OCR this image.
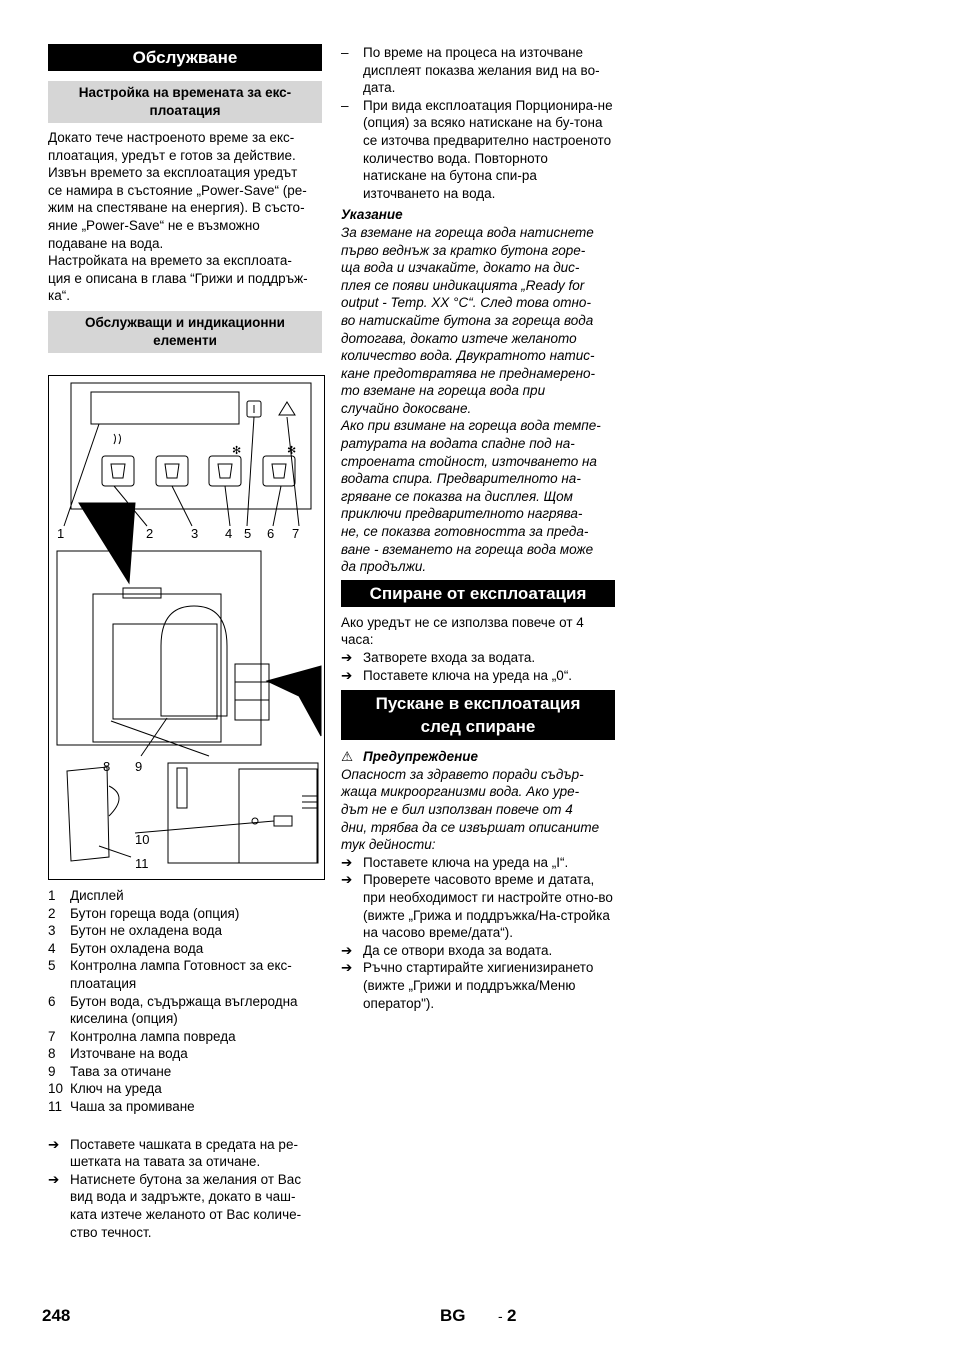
Обслужване
Настройка на времената за екс-плоатация

Докато тече настроеното време за екс-

плоатация, уредът е готов за действие.

Извън времето за експлоатация уредът

се намира в състояние „Power-Save“ (ре-

жим на спестяване на енергия). В състо-

яние „Power-Save“ не е възможно

подаване на вода.

Настройката на времето за експлоата-

ция е описана в глава “Грижи и поддръж-

ка“.

Обслужващи и индикационни елементи
✻	✻
1	2	3 4 5 6 7
8 9
10
11
1	Дисплей
2	Бутон гореща вода (опция)
3	Бутон не охладена вода
4	Бутон охладена вода
5	Контролна лампа Готовност за екс-плоатация
6	Бутон вода, съдържаща въглеродна киселина (опция)
7	Контролна лампа повреда
8	Източване на вода
9	Тава за отичане
10 Ключ на уреда
11 Чаша за промиване
➔ Поставете чашката в средата на ре-шетката на тавата за отичане.
➔ Натиснете бутона за желания от Вас вид вода и задръжте, докато в чаш-ката изтече желаното от Вас количе-ство течност.
–	По време на процеса на източване дисплеят показва желания вид на во-дата.
–	При вида експлоатация Порционира-не (опция) за всяко натискане на бу-тона се източва предварително настроеното количество вода. Повторното натискане на бутона спи-ра източването на вода.

Указание

За вземане на гореща вода натиснете

първо веднъж за кратко бутона горе-

ща вода и изчакайте, докато на дис-

плея се появи индикацията „Ready for

output - Temp. XX °C“. След това отно-

во натискайте бутона за гореща вода

дотогава, докато изтече желаното

количество вода. Двукратното натис-

кане предотвратява не преднамерено-

то вземане на гореща вода при

случайно докосване.

Ако при взимане на гореща вода темпе-

ратурата на водата спадне под на-

строената стойност, източването на

водата спира. Предварителното на-

гряване се показва на дисплея. Щом

приключи предварителното нагрява-

не, се показва готовността за преда-

ване - вземането на гореща вода може

да продължи.

Спиране от експлоатация

Ако уредът не се използва повече от 4

часа:

➔ Затворете входа за водата.
➔ Поставете ключа на уреда на „0“.
Пускане в експлоатация
след спиране
⚠ Предупреждение

Опасност за здравето поради съдър-

жаща микроорганизми вода. Ако уре-

дът не е бил използван повече от 4

дни, трябва да се извършат описаните

тук дейности:

➔ Поставете ключа на уреда на „I“.
➔ Проверете часовото време и датата, при необходимост ги настройте отно-во (вижте „Грижа и поддръжка/На-стройка на часово време/дата“).
➔ Да се отвори входа за водата.
➔ Ръчно стартирайте хигиенизирането (вижте „Грижи и поддръжка/Меню оператор").
248	BG - 2
